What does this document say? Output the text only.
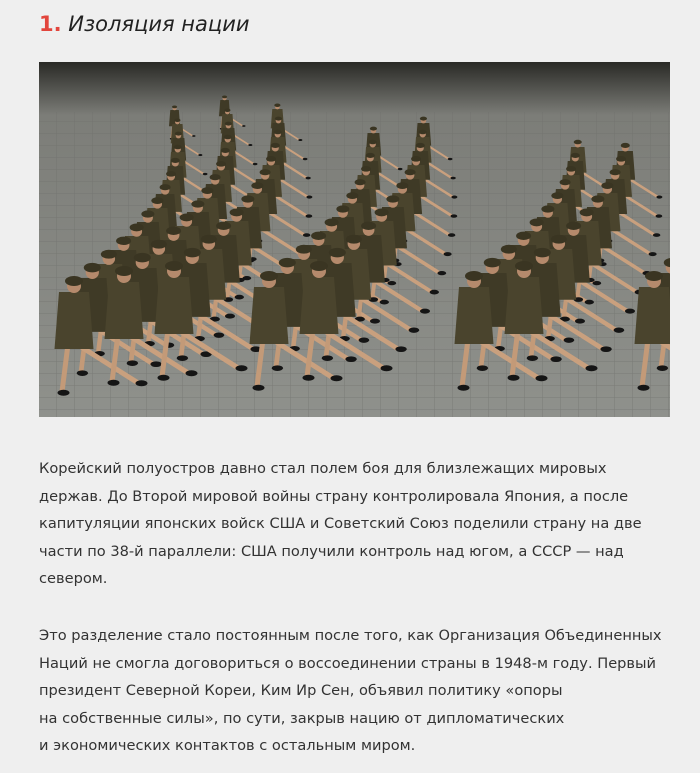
1. Изоляция нации
Корейский полуостров давно стал полем боя для близлежащих мировых
держав. До Второй мировой войны страну контролировала Япония, а после
капитуляции японских войск США и Советский Союз поделили страну на две
части по 38-й параллели: США получили контроль над югом, а СССР — над
севером.
Это разделение стало постоянным после того, как Организация Объединенных
Наций не смогла договориться о воссоединении страны в 1948-м году. Первый
президент Северной Кореи, Ким Ир Сен, объявил политику «опоры
на собственные силы», по сути, закрыв нацию от дипломатических
и экономических контактов с остальным миром.
